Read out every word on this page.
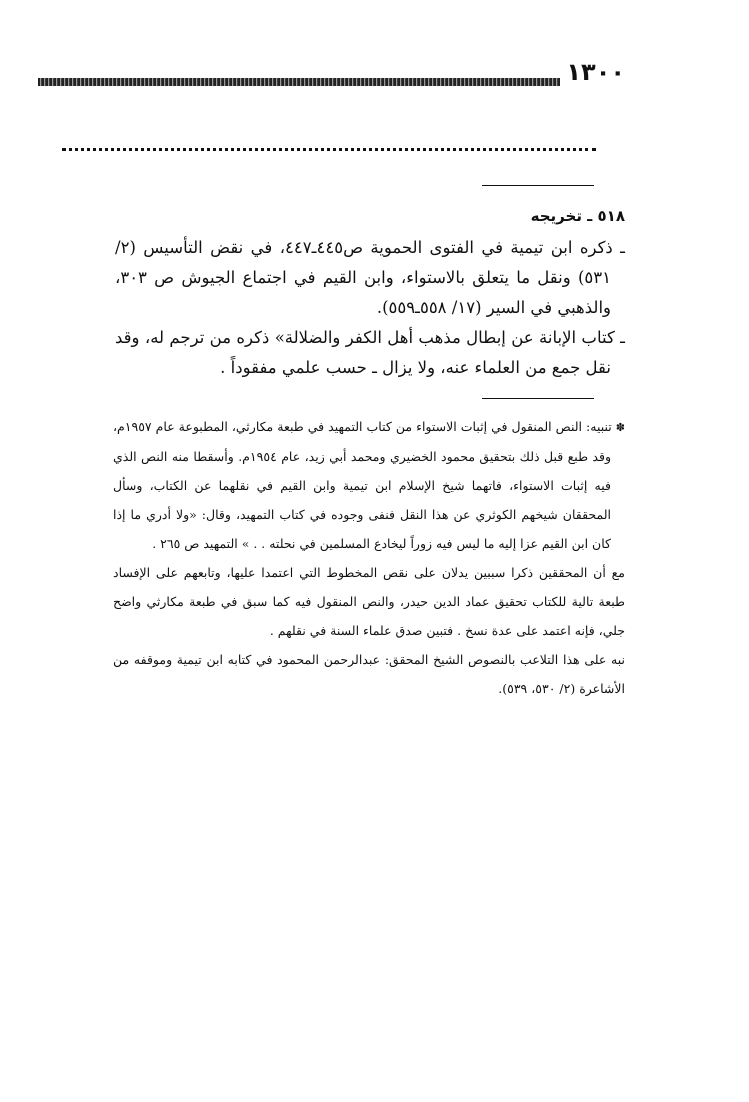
١٣٠٠
٥١٨ ـ تخريجه

ـ ذكره ابن تيمية في الفتوى الحموية ص٤٤٥ـ٤٤٧، في نقض التأسيس (٢/ ٥٣١) ونقل ما يتعلق بالاستواء، وابن القيم في اجتماع الجيوش ص ٣٠٣، والذهبي في السير (١٧/ ٥٥٨ـ٥٥٩).

ـ كتاب الإبانة عن إبطال مذهب أهل الكفر والضلالة» ذكره من ترجم له، وقد نقل جمع من العلماء عنه، ولا يزال ـ حسب علمي مفقوداً .

✽ تنبيه: النص المنقول في إثبات الاستواء من كتاب التمهيد في طبعة مكارثي، المطبوعة عام ١٩٥٧م، وقد طبع قبل ذلك بتحقيق محمود الخضيري ومحمد أبي زيد، عام ١٩٥٤م. وأسقطا منه النص الذي فيه إثبات الاستواء، فاتهما شيخ الإسلام ابن تيمية وابن القيم في نقلهما عن الكتاب، وسأل المحققان شيخهم الكوثري عن هذا النقل فنفى وجوده في كتاب التمهيد، وقال: «ولا أدري ما إذا كان ابن القيم عزا إليه ما ليس فيه زوراً ليخادع المسلمين في نحلته . . » التمهيد ص ٢٦٥ .

مع أن المحققين ذكرا سببين يدلان على نقص المخطوط التي اعتمدا عليها، وتابعهم على الإفساد طبعة تالية للكتاب تحقيق عماد الدين حيدر، والنص المنقول فيه كما سبق في طبعة مكارثي واضح جلي، فإنه اعتمد على عدة نسخ . فتبين صدق علماء السنة في نقلهم .

نبه على هذا التلاعب بالنصوص الشيخ المحقق: عبدالرحمن المحمود في كتابه ابن تيمية وموقفه من الأشاعرة (٢/ ٥٣٠، ٥٣٩).
